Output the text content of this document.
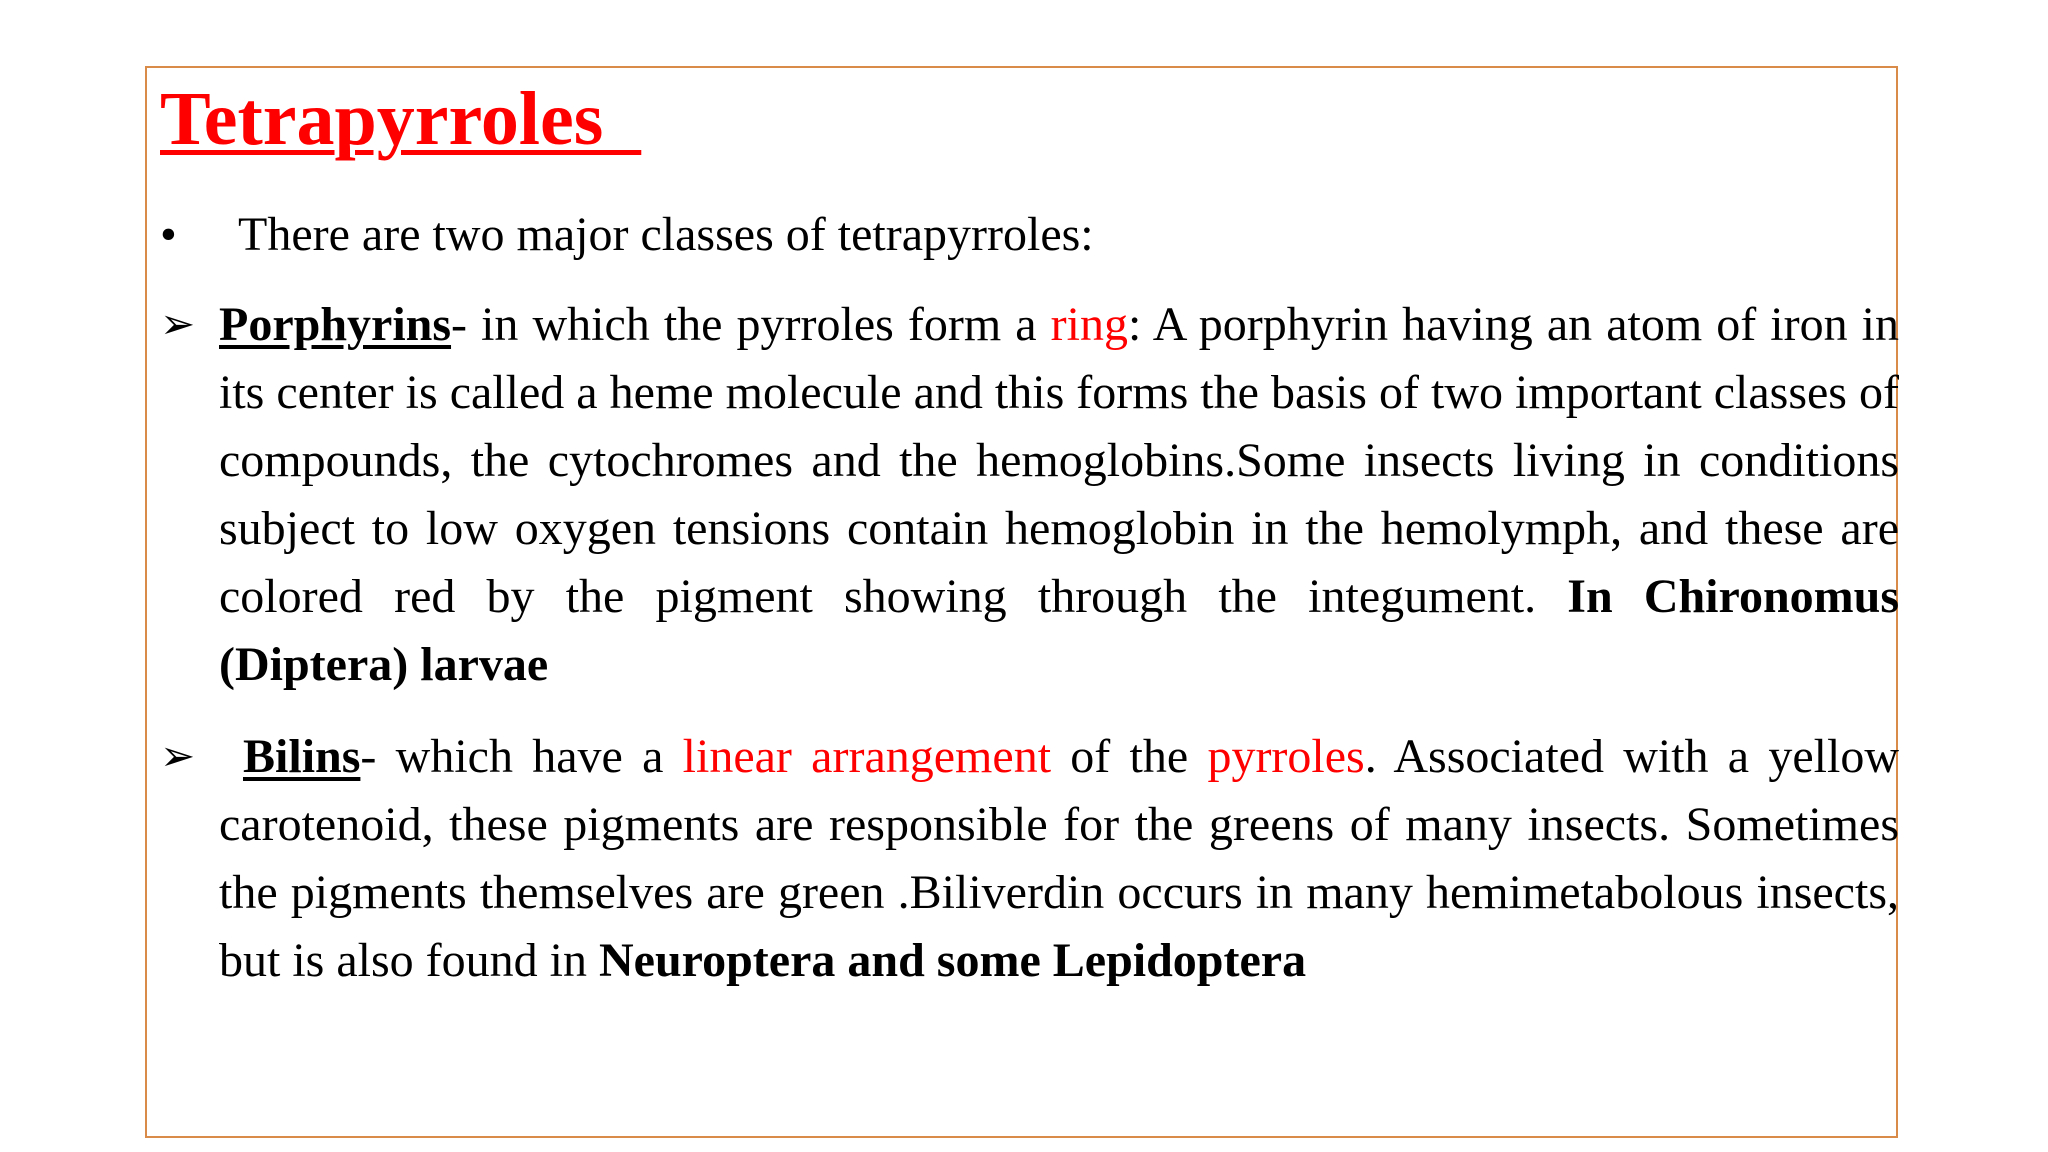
Tetrapyrroles
• There are two major classes of tetrapyrroles:
➢ Porphyrins- in which the pyrroles form a ring: A porphyrin having an atom of iron in its center is called a heme molecule and this forms the basis of two important classes of compounds, the cytochromes and the hemoglobins.Some insects living in conditions subject to low oxygen tensions contain hemoglobin in the hemolymph, and these are colored red by the pigment showing through the integument. In Chironomus (Diptera) larvae

➢ Bilins- which have a linear arrangement of the pyrroles. Associated with a yellow carotenoid, these pigments are responsible for the greens of many insects. Sometimes the pigments themselves are green .Biliverdin occurs in many hemimetabolous insects, but is also found in Neuroptera and some Lepidoptera
